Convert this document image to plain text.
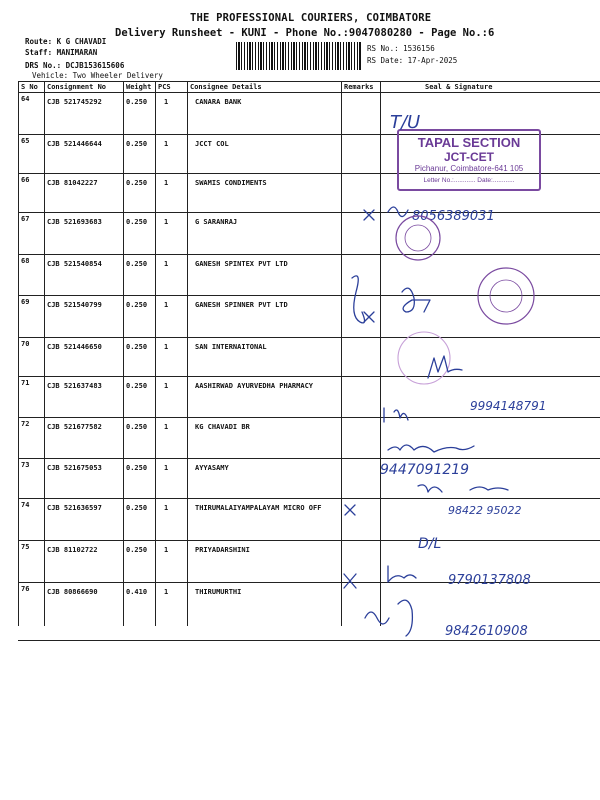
THE PROFESSIONAL COURIERS, COIMBATORE
Delivery Runsheet - KUNI - Phone No.:9047080280 - Page No.:6
Route: K G CHAVADI
Staff: MANIMARAN
DRS No.: DCJB153615606
Vehicle: Two Wheeler Delivery
RS No.: 1536156
RS Date: 17-Apr-2025
S No Consignment No	Weight PCS	Consignee Details	Remarks	Seal & Signature
64	CJB 521745292	0.250 1	CANARA BANK
65	CJB 521446644	0.250 1	JCCT COL
66	CJB 81042227	0.250 1	SWAMIS CONDIMENTS
67	CJB 521693683	0.250 1	G SARANRAJ
68	CJB 521540854	0.250 1	GANESH SPINTEX PVT LTD
69	CJB 521540799	0.250 1	GANESH SPINNER PVT LTD
70	CJB 521446650	0.250 1	SAN INTERNAITONAL
71	CJB 521637483	0.250 1	AASHIRWAD AYURVEDHA PHARMACY
72	CJB 521677582	0.250 1	KG CHAVADI BR
73	CJB 521675053	0.250 1	AYYASAMY
74	CJB 521636597	0.250 1	THIRUMALAIYAMPALAYAM MICRO OFF
75	CJB 81102722	0.250 1	PRIYADARSHINI
76	CJB 80866690	0.410 1	THIRUMURTHI
TAPAL SECTION
JCT-CET
Pichanur, Coimbatore-641 105
Letter No.:............ Date:............
T/U
8056389031
9994148791
9447091219
98422 95022
D/L
9790137808
9842610908
